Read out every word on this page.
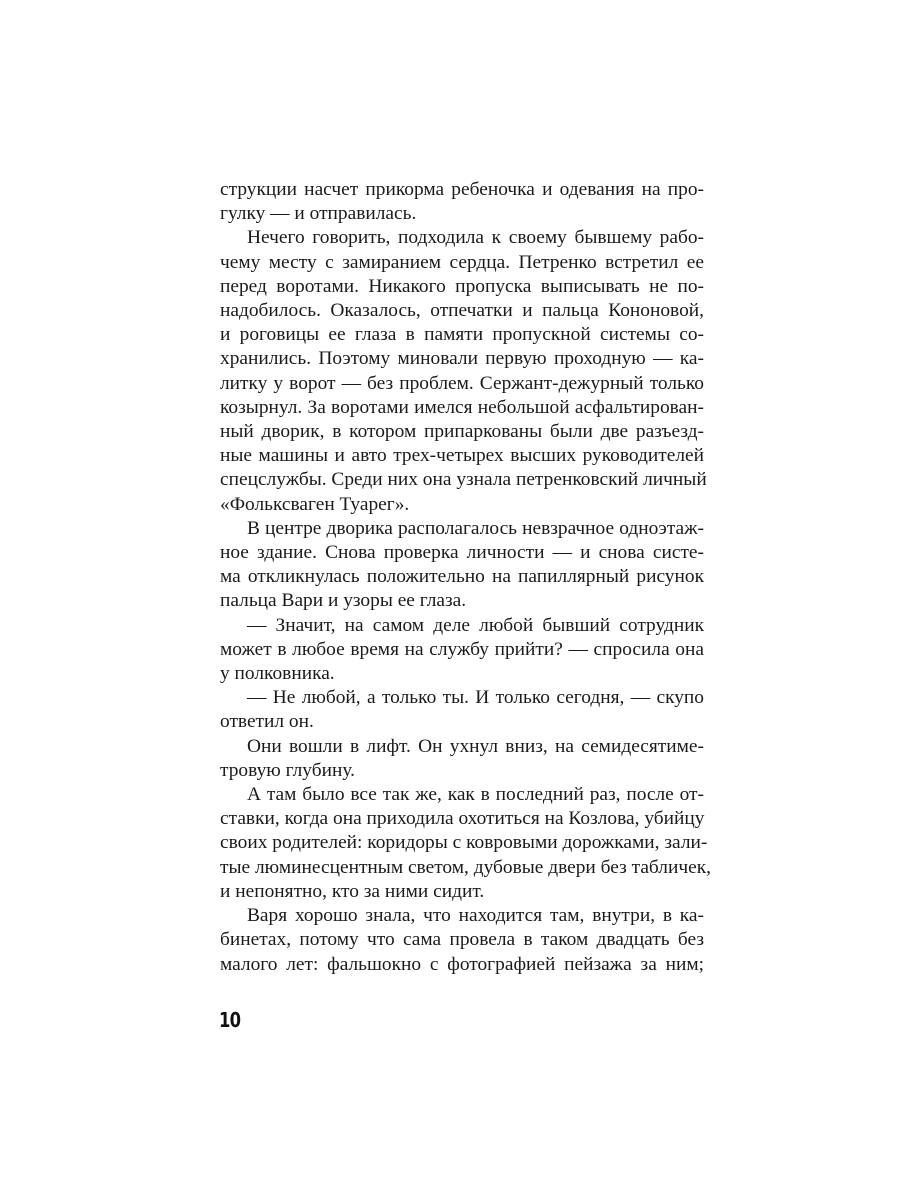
струкции насчет прикорма ребеночка и одевания на про-
гулку — и отправилась.
Нечего говорить, подходила к своему бывшему рабо-
чему месту с замиранием сердца. Петренко встретил ее
перед воротами. Никакого пропуска выписывать не по-
надобилось. Оказалось, отпечатки и пальца Кононовой,
и роговицы ее глаза в памяти пропускной системы со-
хранились. Поэтому миновали первую проходную — ка-
литку у ворот — без проблем. Сержант-дежурный только
козырнул. За воротами имелся небольшой асфальтирован-
ный дворик, в котором припаркованы были две разъезд-
ные машины и авто трех-четырех высших руководителей
спецслужбы. Среди них она узнала петренковский личный
«Фольксваген Туарег».
В центре дворика располагалось невзрачное одноэтаж-
ное здание. Снова проверка личности — и снова систе-
ма откликнулась положительно на папиллярный рисунок
пальца Вари и узоры ее глаза.
— Значит, на самом деле любой бывший сотрудник
может в любое время на службу прийти? — спросила она
у полковника.
— Не любой, а только ты. И только сегодня, — скупо
ответил он.
Они вошли в лифт. Он ухнул вниз, на семидесятиме-
тровую глубину.
А там было все так же, как в последний раз, после от-
ставки, когда она приходила охотиться на Козлова, убийцу
своих родителей: коридоры с ковровыми дорожками, зали-
тые люминесцентным светом, дубовые двери без табличек,
и непонятно, кто за ними сидит.
Варя хорошо знала, что находится там, внутри, в ка-
бинетах, потому что сама провела в таком двадцать без
малого лет: фальшокно с фотографией пейзажа за ним;
10
